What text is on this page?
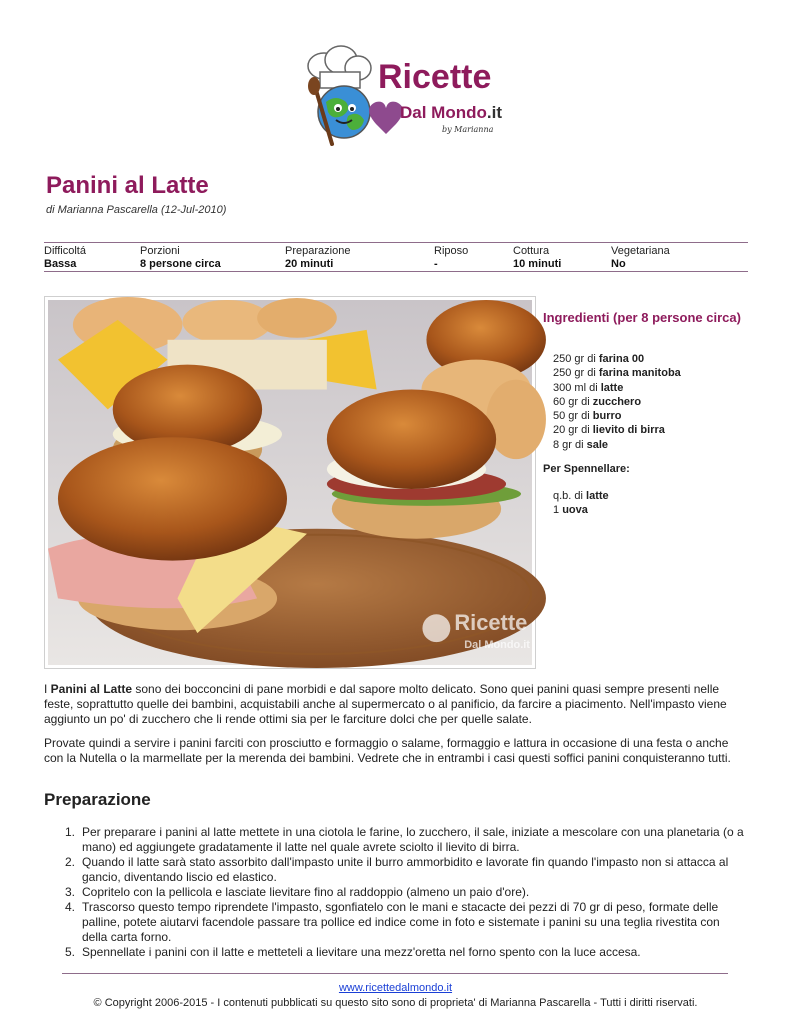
Ricette
Dal Mondo.it
by Marianna
Panini al Latte
di Marianna Pascarella (12-Jul-2010)
Difficoltá
Bassa
Porzioni
8 persone circa
Preparazione
20 minuti
Riposo
-
Cottura
10 minuti
Vegetariana
No
Ricette
Dal Mondo.it
Ingredienti (per 8 persone circa)
250 gr di farina 00
250 gr di farina manitoba
300 ml di latte
60 gr di zucchero
50 gr di burro
20 gr di lievito di birra
8 gr di sale
Per Spennellare:
q.b. di latte
1 uova

I Panini al Latte sono dei bocconcini di pane morbidi e dal sapore molto delicato. Sono quei panini quasi sempre presenti nelle feste, soprattutto quelle dei bambini, acquistabili anche al supermercato o al panificio, da farcire a piacimento. Nell'impasto viene aggiunto un po' di zucchero che li rende ottimi sia per le farciture dolci che per quelle salate.

Provate quindi a servire i panini farciti con prosciutto e formaggio o salame, formaggio e lattura in occasione di una festa o anche con la Nutella o la marmellate per la merenda dei bambini. Vedrete che in entrambi i casi questi soffici panini conquisteranno tutti.

Preparazione
1. Per preparare i panini al latte mettete in una ciotola le farine, lo zucchero, il sale, iniziate a mescolare con una planetaria (o a mano) ed aggiungete gradatamente il latte nel quale avrete sciolto il lievito di birra.
2. Quando il latte sarà stato assorbito dall'impasto unite il burro ammorbidito e lavorate fin quando l'impasto non si attacca al gancio, diventando liscio ed elastico.
3. Copritelo con la pellicola e lasciate lievitare fino al raddoppio (almeno un paio d'ore).
4. Trascorso questo tempo riprendete l'impasto, sgonfiatelo con le mani e stacacte dei pezzi di 70 gr di peso, formate delle palline, potete aiutarvi facendole passare tra pollice ed indice come in foto e sistemate i panini su una teglia rivestita con della carta forno.
5. Spennellate i panini con il latte e metteteli a lievitare una mezz'oretta nel forno spento con la luce accesa.
www.ricettedalmondo.it
© Copyright 2006-2015 - I contenuti pubblicati su questo sito sono di proprieta' di Marianna Pascarella - Tutti i diritti riservati.
